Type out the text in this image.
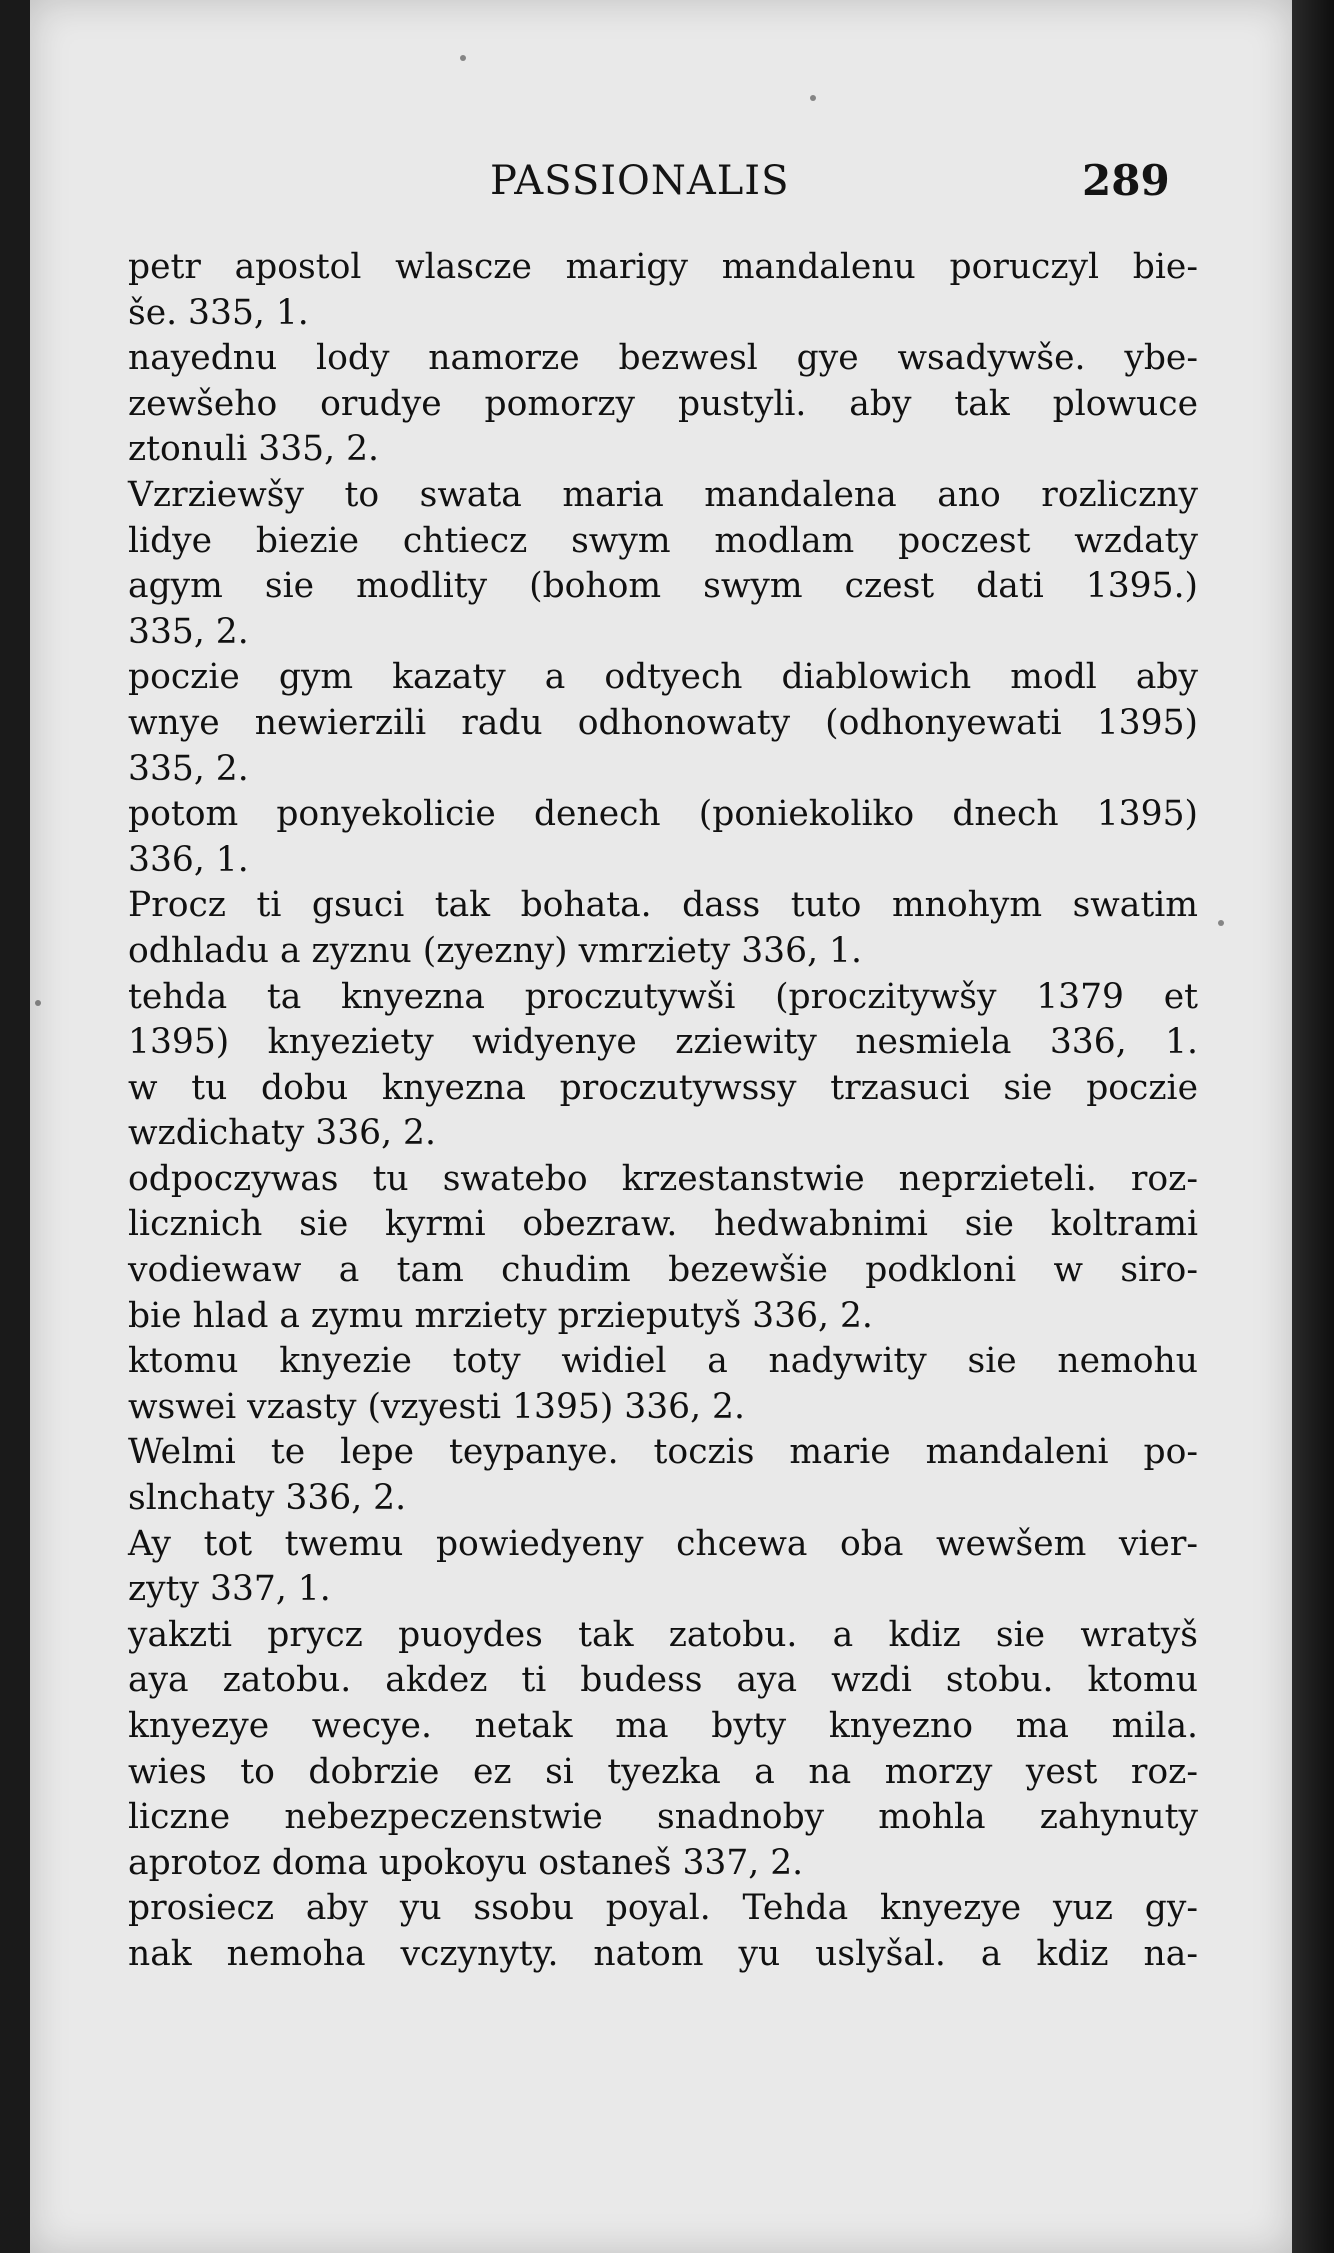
PASSIONALIS	289
petr apostol wlascze marigy mandalenu poruczyl bie-
še. 335, 1.
nayednu lody namorze bezwesl gye wsadywše. ybe-
zewšeho orudye pomorzy pustyli. aby tak plowuce
ztonuli 335, 2.
Vzrziewšy to swata maria mandalena ano rozliczny
lidye biezie chtiecz swym modlam poczest wzdaty
agym sie modlity (bohom swym czest dati 1395.)
335, 2.
poczie gym kazaty a odtyech diablowich modl aby
wnye newierzili radu odhonowaty (odhonyewati 1395)
335, 2.
potom ponyekolicie denech (poniekoliko dnech 1395)
336, 1.
Procz ti gsuci tak bohata. dass tuto mnohym swatim
odhladu a zyznu (zyezny) vmrziety 336, 1.
tehda ta knyezna proczutywši (proczitywšy 1379 et
1395) knyeziety widyenye zziewity nesmiela 336, 1.
w tu dobu knyezna proczutywssy trzasuci sie poczie
wzdichaty 336, 2.
odpoczywas tu swatebo krzestanstwie neprzieteli. roz-
licznich sie kyrmi obezraw. hedwabnimi sie koltrami
vodiewaw a tam chudim bezewšie podkloni w siro-
bie hlad a zymu mrziety przieputyš 336, 2.
ktomu knyezie toty widiel a nadywity sie nemohu
wswei vzasty (vzyesti 1395) 336, 2.
Welmi te lepe teypanye. toczis marie mandaleni po-
slnchaty 336, 2.
Ay tot twemu powiedyeny chcewa oba wewšem vier-
zyty 337, 1.
yakzti prycz puoydes tak zatobu. a kdiz sie wratyš
aya zatobu. akdez ti budess aya wzdi stobu. ktomu
knyezye wecye. netak ma byty knyezno ma mila.
wies to dobrzie ez si tyezka a na morzy yest roz-
liczne nebezpeczenstwie snadnoby mohla zahynuty
aprotoz doma upokoyu ostaneš 337, 2.
prosiecz aby yu ssobu poyal. Tehda knyezye yuz gy-
nak nemoha vczynyty. natom yu uslyšal. a kdiz na-
